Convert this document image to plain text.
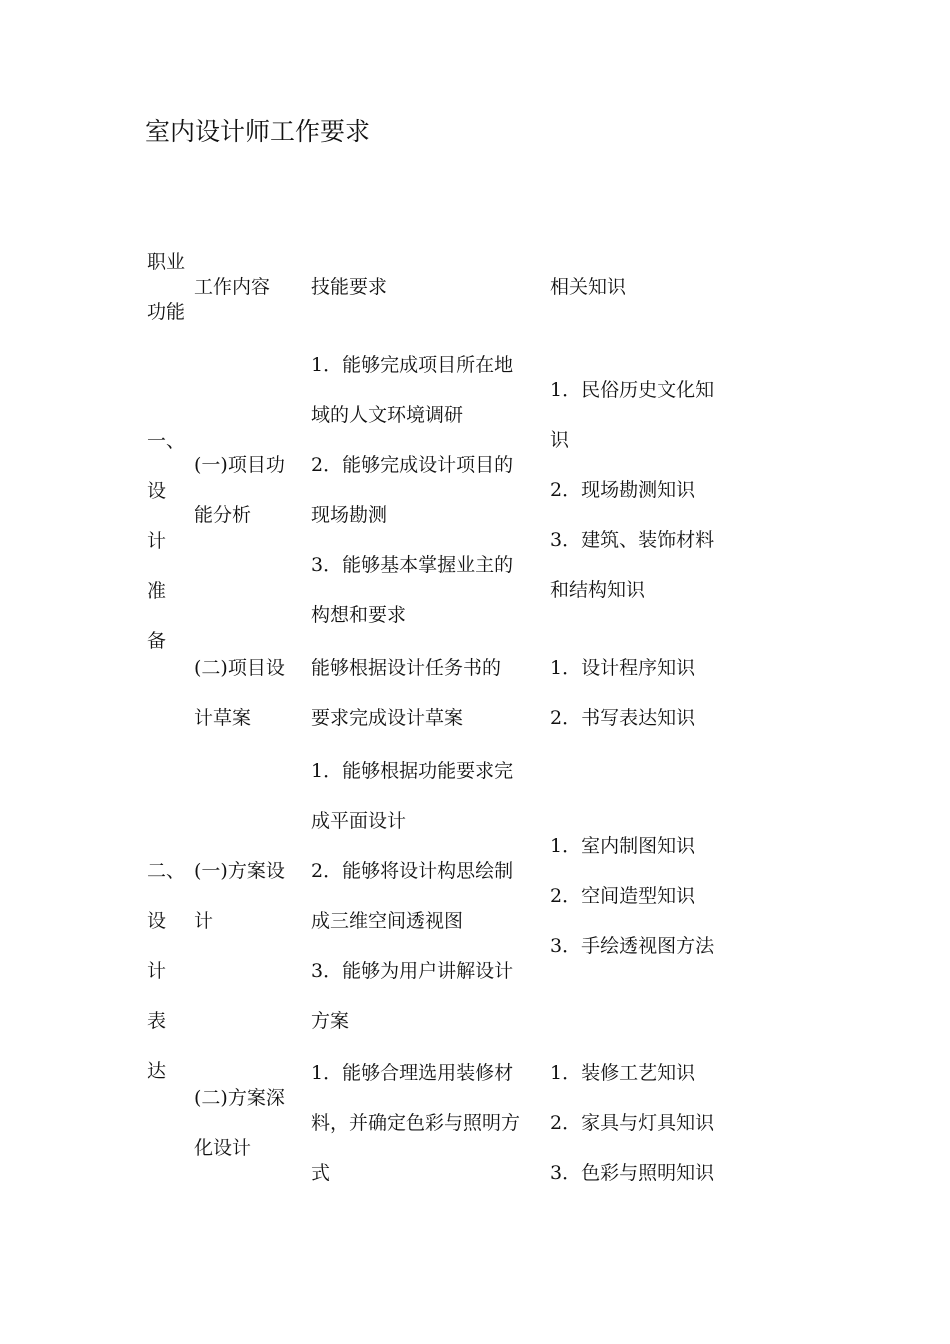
室内设计师工作要求
职业
功能
工作内容 技能要求	相关知识
一、
设
计
准
备
二、
设
计
表
达
(一)项目功
能分析
1．能够完成项目所在地
域的人文环境调研
2．能够完成设计项目的
现场勘测
3．能够基本掌握业主的
构想和要求
1．民俗历史文化知
识
2．现场勘测知识
3．建筑、装饰材料
和结构知识
(二)项目设
计草案
能够根据设计任务书的
要求完成设计草案
1．设计程序知识
2．书写表达知识
(一)方案设
计
1．能够根据功能要求完
成平面设计
2．能够将设计构思绘制
成三维空间透视图
3．能够为用户讲解设计
方案
1．室内制图知识
2．空间造型知识
3．手绘透视图方法
(二)方案深
化设计
1．能够合理选用装修材
料，并确定色彩与照明方
式
1．装修工艺知识
2．家具与灯具知识
3．色彩与照明知识
